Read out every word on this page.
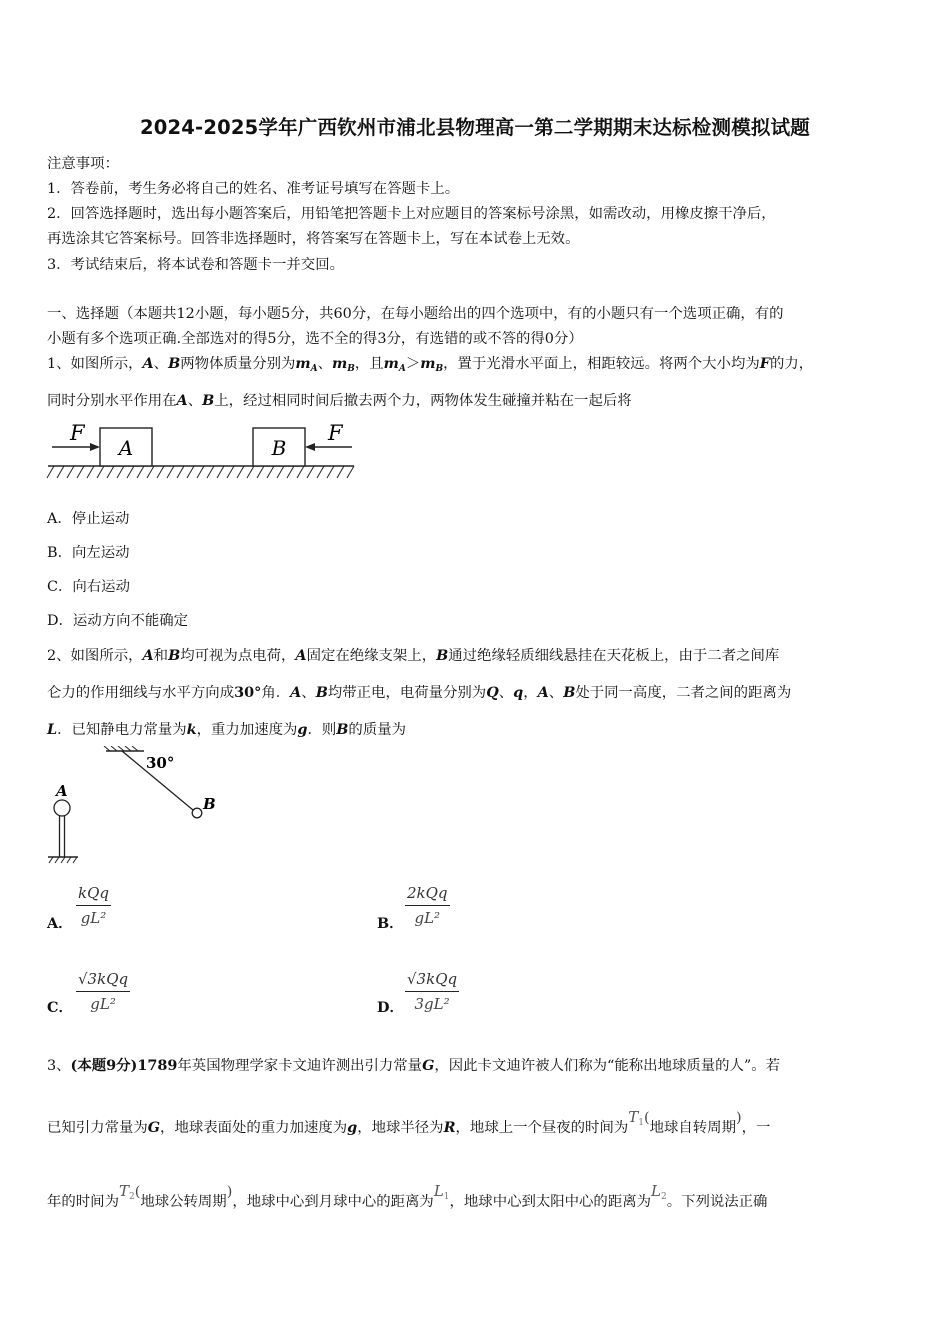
2024-2025学年广西钦州市浦北县物理高一第二学期期末达标检测模拟试题
注意事项：
1．答卷前，考生务必将自己的姓名、准考证号填写在答题卡上。
2．回答选择题时，选出每小题答案后，用铅笔把答题卡上对应题目的答案标号涂黑，如需改动，用橡皮擦干净后，
再选涂其它答案标号。回答非选择题时，将答案写在答题卡上，写在本试卷上无效。
3．考试结束后，将本试卷和答题卡一并交回。
一、选择题（本题共12小题，每小题5分，共60分，在每小题给出的四个选项中，有的小题只有一个选项正确，有的
小题有多个选项正确.全部选对的得5分，选不全的得3分，有选错的或不答的得0分）
1、如图所示，A、B两物体质量分别为$m_A$、$m_B$，且$m_A>m_B$，置于光滑水平面上，相距较远。将两个大小均为F的力，
同时分别水平作用在A、B上，经过相同时间后撤去两个力，两物体发生碰撞并粘在一起后将
A	B
F	F
A．停止运动
B．向左运动
C．向右运动
D．运动方向不能确定
2、如图所示，A和B均可视为点电荷，A固定在绝缘支架上，B通过绝缘轻质细线悬挂在天花板上，由于二者之间库
仑力的作用细线与水平方向成30°角．A、B均带正电，电荷量分别为Q、q，A、B处于同一高度，二者之间的距离为
L．已知静电力常量为k，重力加速度为g．则B的质量为
30°
B
A
A．
kQq
gL²	B．
2kQq
gL²
C．
√3kQq
gL²	D．
√3kQq
3gL²
3、(本题9分)1789年英国物理学家卡文迪许测出引力常量G，因此卡文迪许被人们称为“能称出地球质量的人”。若
已知引力常量为G，地球表面处的重力加速度为g，地球半径为R，地球上一个昼夜的时间为$T^1$(地球自转周期)，一
年的时间为$T^2$(地球公转周期)，地球中心到月球中心的距离为$L^1$，地球中心到太阳中心的距离为$L^2$。下列说法正确
